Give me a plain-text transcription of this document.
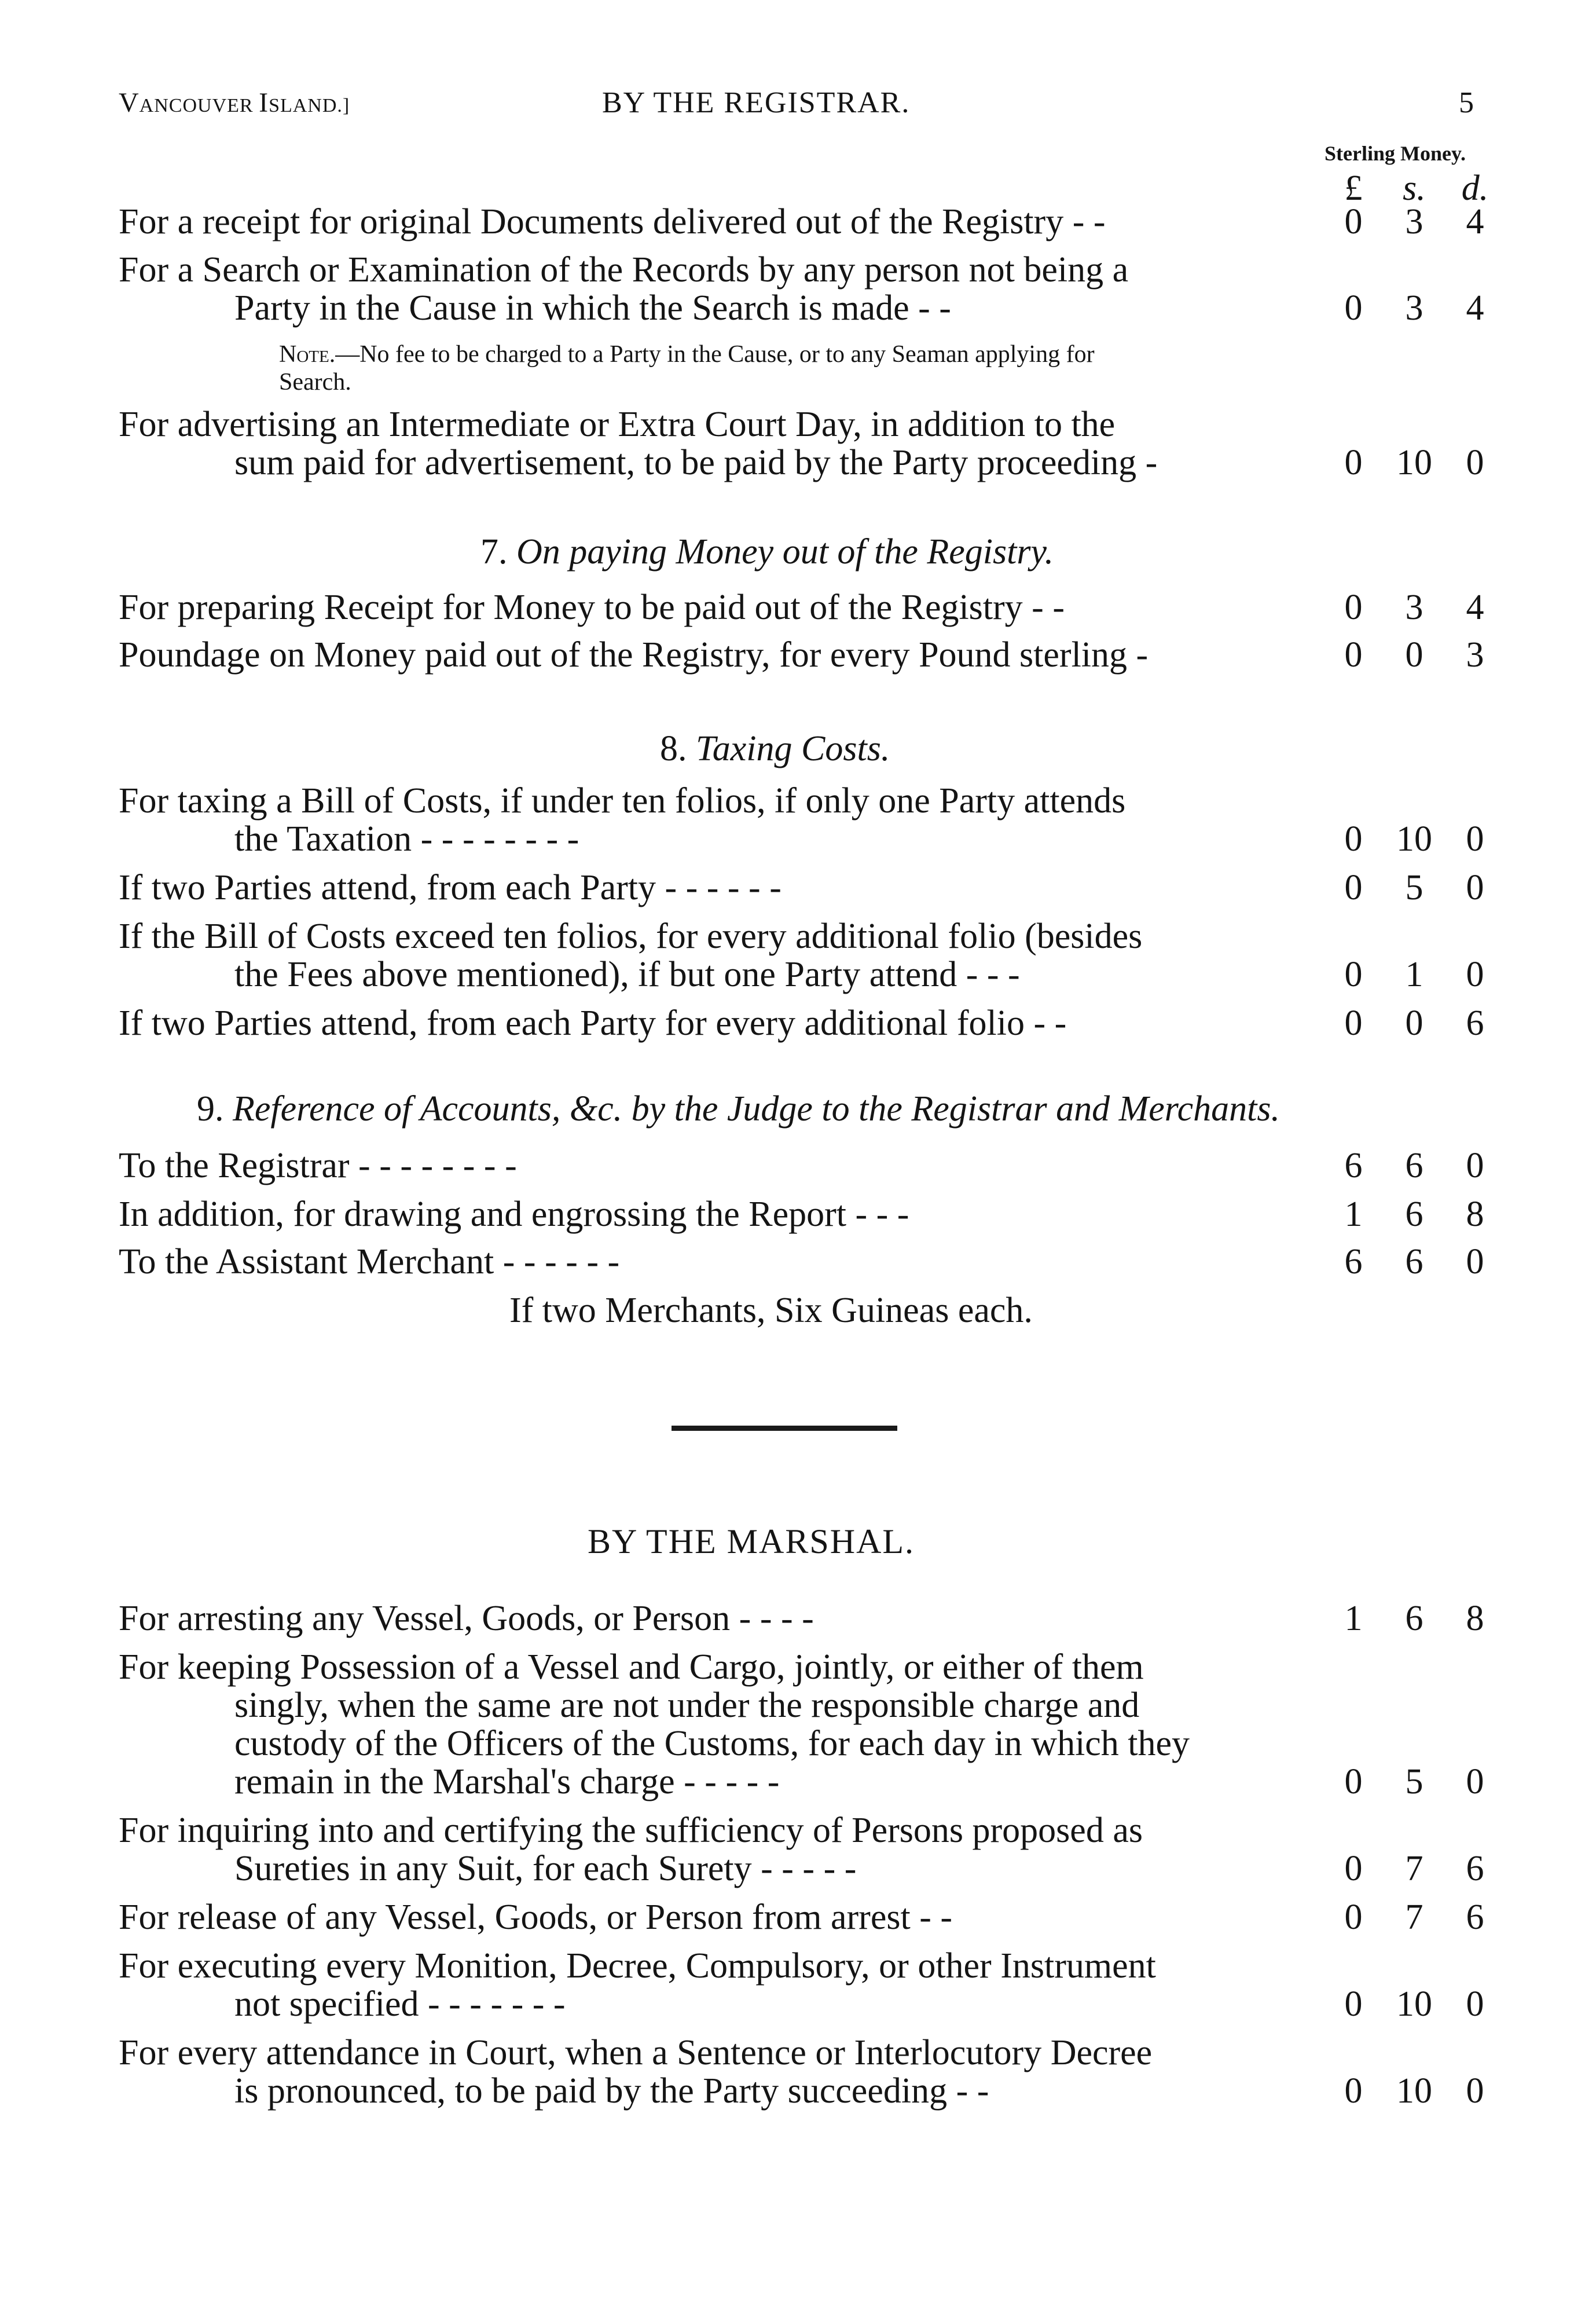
VANCOUVER ISLAND.]	BY THE REGISTRAR.	5
Sterling Money.
£	s. d.
For a receipt for original Documents delivered out of the Registry - -	0	3	4
For a Search or Examination of the Records by any person not being a
Party in the Cause in which the Search is made - -	0	3	4
Note.—No fee to be charged to a Party in the Cause, or to any Seaman applying for
Search.
For advertising an Intermediate or Extra Court Day, in addition to the
sum paid for advertisement, to be paid by the Party proceeding -	0 10 0
7. On paying Money out of the Registry.
For preparing Receipt for Money to be paid out of the Registry - -	0	3	4
Poundage on Money paid out of the Registry, for every Pound sterling -	0	0	3
8. Taxing Costs.
For taxing a Bill of Costs, if under ten folios, if only one Party attends
the Taxation - - - - - - - -	0 10 0
If two Parties attend, from each Party - - - - - -	0	5	0
If the Bill of Costs exceed ten folios, for every additional folio (besides
the Fees above mentioned), if but one Party attend - - -	0	1	0
If two Parties attend, from each Party for every additional folio - -	0	0	6
9. Reference of Accounts, &c. by the Judge to the Registrar and Merchants.
To the Registrar - - - - - - - -	6	6	0
In addition, for drawing and engrossing the Report - - -	1	6	8
To the Assistant Merchant - - - - - -	6	6	0
If two Merchants, Six Guineas each.
BY THE MARSHAL.
For arresting any Vessel, Goods, or Person - - - -	1	6	8
For keeping Possession of a Vessel and Cargo, jointly, or either of them
singly, when the same are not under the responsible charge and
custody of the Officers of the Customs, for each day in which they
remain in the Marshal's charge - - - - -	0	5	0
For inquiring into and certifying the sufficiency of Persons proposed as
Sureties in any Suit, for each Surety - - - - -	0	7	6
For release of any Vessel, Goods, or Person from arrest - -	0	7	6
For executing every Monition, Decree, Compulsory, or other Instrument
not specified - - - - - - -	0 10 0
For every attendance in Court, when a Sentence or Interlocutory Decree
is pronounced, to be paid by the Party succeeding - -	0 10 0
